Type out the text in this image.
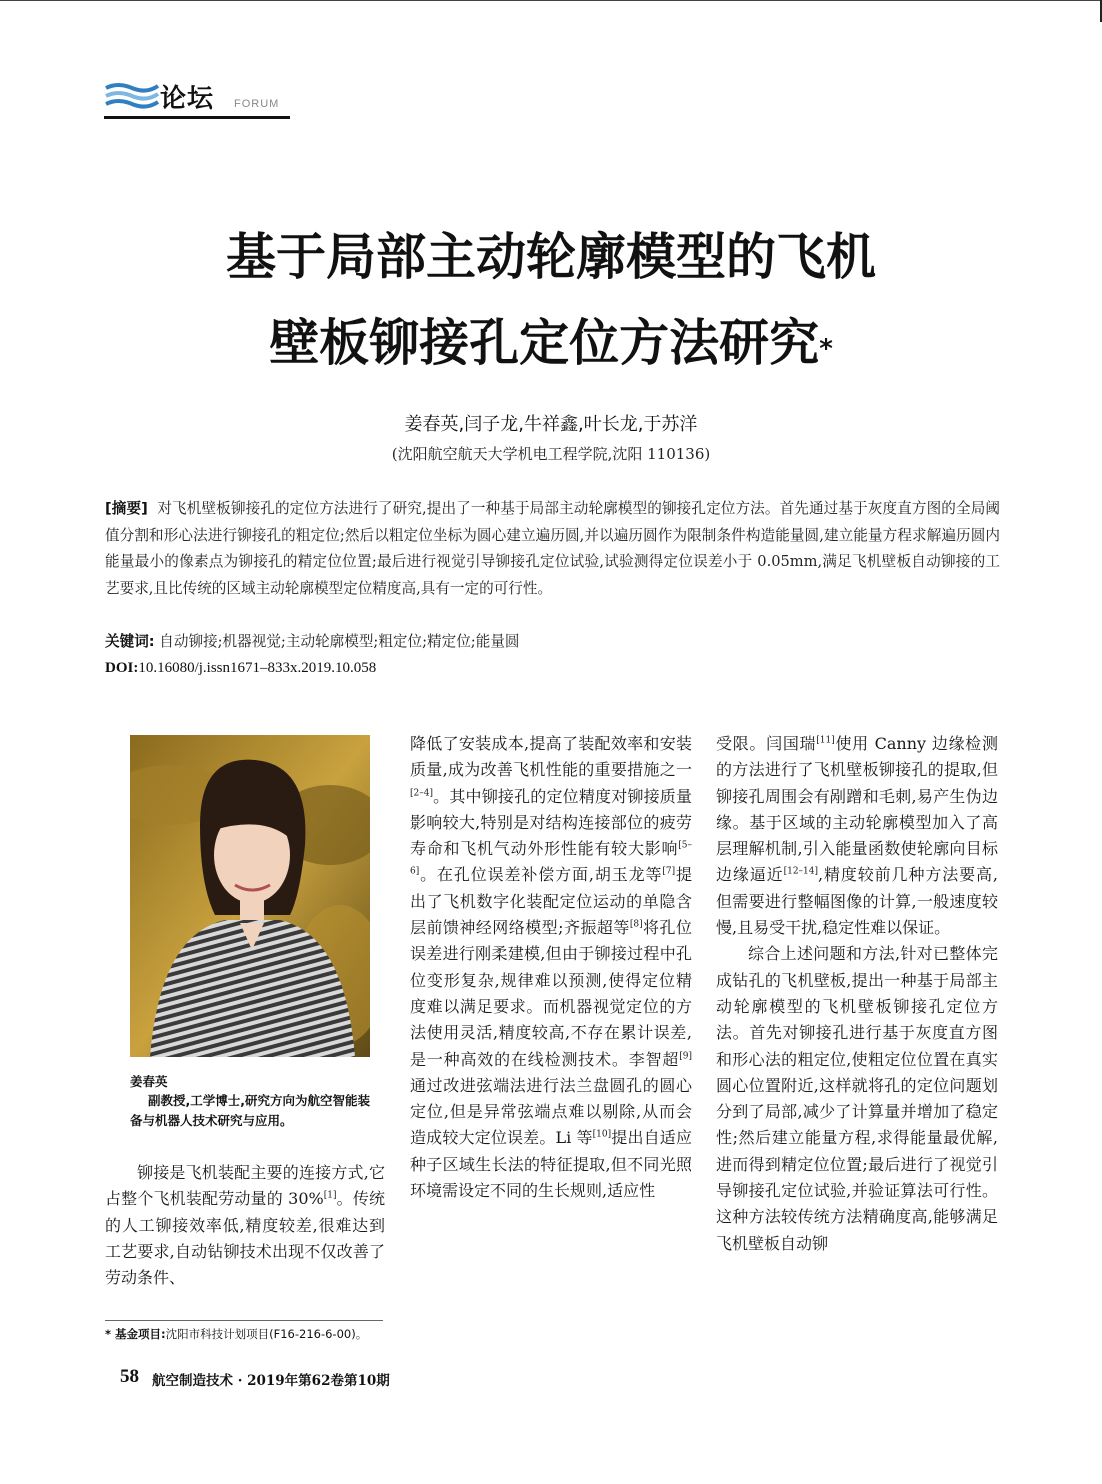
论坛 FORUM
基于局部主动轮廓模型的飞机
壁板铆接孔定位方法研究*
姜春英,闫子龙,牛祥鑫,叶长龙,于苏洋
(沈阳航空航天大学机电工程学院,沈阳 110136)
[摘要] 对飞机壁板铆接孔的定位方法进行了研究,提出了一种基于局部主动轮廓模型的铆接孔定位方法。首先通过基于灰度直方图的全局阈值分割和形心法进行铆接孔的粗定位;然后以粗定位坐标为圆心建立遍历圆,并以遍历圆作为限制条件构造能量圆,建立能量方程求解遍历圆内能量最小的像素点为铆接孔的精定位位置;最后进行视觉引导铆接孔定位试验,试验测得定位误差小于 0.05mm,满足飞机壁板自动铆接的工艺要求,且比传统的区域主动轮廓模型定位精度高,具有一定的可行性。
关键词: 自动铆接;机器视觉;主动轮廓模型;粗定位;精定位;能量圆
DOI:10.16080/j.issn1671–833x.2019.10.058
姜春英
副教授,工学博士,研究方向为航空智能装备与机器人技术研究与应用。

铆接是飞机装配主要的连接方式,它占整个飞机装配劳动量的 30%[1]。传统的人工铆接效率低,精度较差,很难达到工艺要求,自动钻铆技术出现不仅改善了劳动条件、

降低了安装成本,提高了装配效率和安装质量,成为改善飞机性能的重要措施之一[2–4]。其中铆接孔的定位精度对铆接质量影响较大,特别是对结构连接部位的疲劳寿命和飞机气动外形性能有较大影响[5–6]。在孔位误差补偿方面,胡玉龙等[7]提出了飞机数字化装配定位运动的单隐含层前馈神经网络模型;齐振超等[8]将孔位误差进行刚柔建模,但由于铆接过程中孔位变形复杂,规律难以预测,使得定位精度难以满足要求。而机器视觉定位的方法使用灵活,精度较高,不存在累计误差,是一种高效的在线检测技术。李智超[9]通过改进弦端法进行法兰盘圆孔的圆心定位,但是异常弦端点难以剔除,从而会造成较大定位误差。Li 等[10]提出自适应种子区域生长法的特征提取,但不同光照环境需设定不同的生长规则,适应性

受限。闫国瑞[11]使用 Canny 边缘检测的方法进行了飞机壁板铆接孔的提取,但铆接孔周围会有剐蹭和毛刺,易产生伪边缘。基于区域的主动轮廓模型加入了高层理解机制,引入能量函数使轮廓向目标边缘逼近[12–14],精度较前几种方法要高,但需要进行整幅图像的计算,一般速度较慢,且易受干扰,稳定性难以保证。

综合上述问题和方法,针对已整体完成钻孔的飞机壁板,提出一种基于局部主动轮廓模型的飞机壁板铆接孔定位方法。首先对铆接孔进行基于灰度直方图和形心法的粗定位,使粗定位位置在真实圆心位置附近,这样就将孔的定位问题划分到了局部,减少了计算量并增加了稳定性;然后建立能量方程,求得能量最优解,进而得到精定位位置;最后进行了视觉引导铆接孔定位试验,并验证算法可行性。这种方法较传统方法精确度高,能够满足飞机壁板自动铆

* 基金项目:沈阳市科技计划项目(F16-216-6-00)。
58 航空制造技术 · 2019年第62卷第10期
